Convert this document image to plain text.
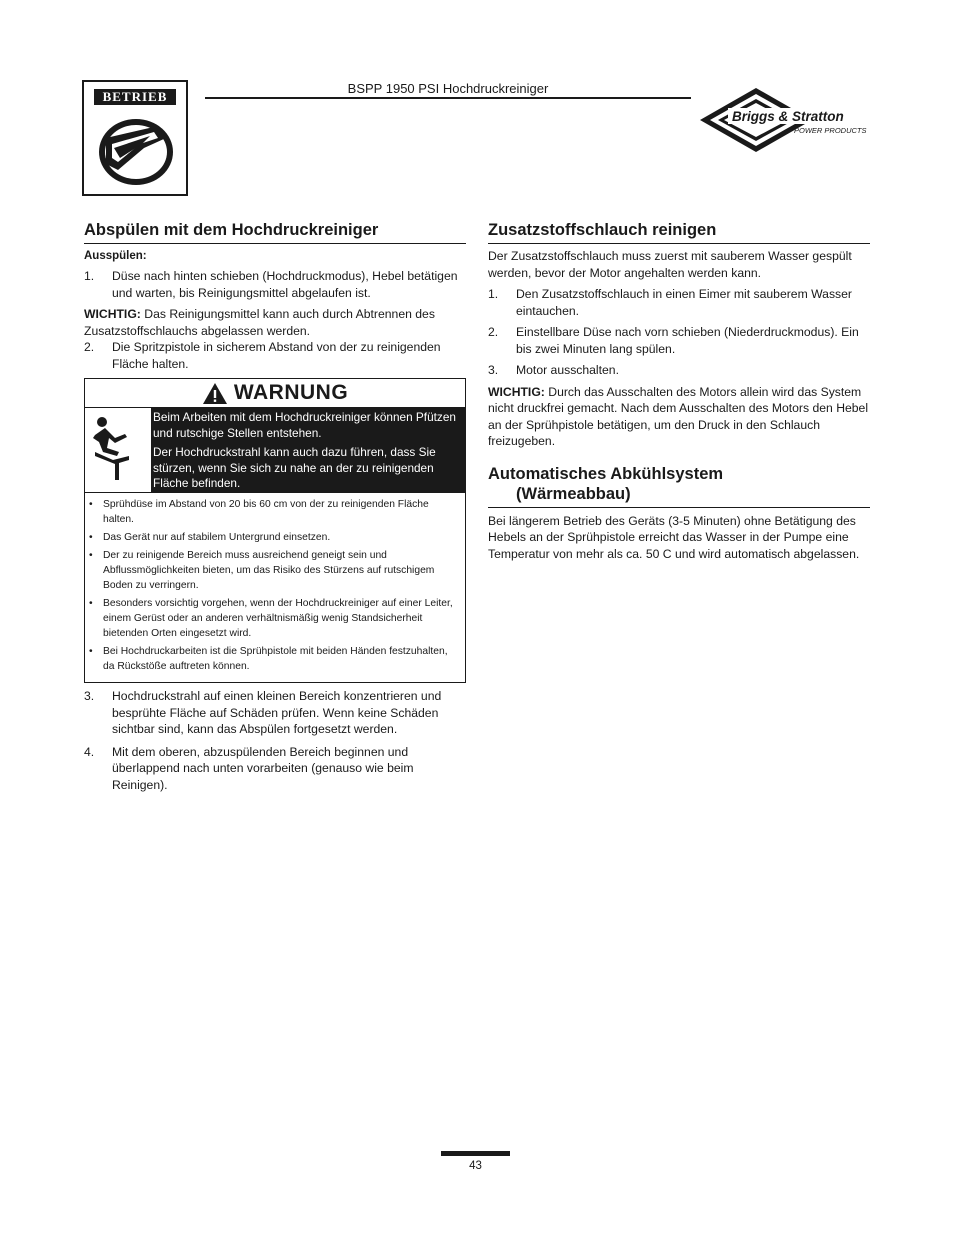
BETRIEB
BSPP 1950 PSI Hochdruckreiniger
Briggs & Stratton
POWER PRODUCTS
Abspülen mit dem Hochdruckreiniger
Ausspülen:
1.	Düse nach hinten schieben (Hochdruckmodus), Hebel betätigen und warten, bis Reinigungsmittel abgelaufen ist.

WICHTIG: Das Reinigungsmittel kann auch durch Abtrennen des Zusatzstoffschlauchs abgelassen werden.

2.	Die Spritzpistole in sicherem Abstand von der zu reinigenden Fläche halten.
WARNUNG

Beim Arbeiten mit dem Hochdruckreiniger können Pfützen und rutschige Stellen entstehen.

Der Hochdruckstrahl kann auch dazu führen, dass Sie stürzen, wenn Sie sich zu nahe an der zu reinigenden Fläche befinden.

•	Sprühdüse im Abstand von 20 bis 60 cm von der zu reinigenden Fläche halten.
•	Das Gerät nur auf stabilem Untergrund einsetzen.
•	Der zu reinigende Bereich muss ausreichend geneigt sein und Abflussmöglichkeiten bieten, um das Risiko des Stürzens auf rutschigem Boden zu verringern.
•	Besonders vorsichtig vorgehen, wenn der Hochdruckreiniger auf einer Leiter, einem Gerüst oder an anderen verhältnismäßig wenig Standsicherheit bietenden Orten eingesetzt wird.
•	Bei Hochdruckarbeiten ist die Sprühpistole mit beiden Händen festzuhalten, da Rückstöße auftreten können.
3.	Hochdruckstrahl auf einen kleinen Bereich konzentrieren und besprühte Fläche auf Schäden prüfen. Wenn keine Schäden sichtbar sind, kann das Abspülen fortgesetzt werden.
4.	Mit dem oberen, abzuspülenden Bereich beginnen und überlappend nach unten vorarbeiten (genauso wie beim Reinigen).
Zusatzstoffschlauch reinigen

Der Zusatzstoffschlauch muss zuerst mit sauberem Wasser gespült werden, bevor der Motor angehalten werden kann.

1.	Den Zusatzstoffschlauch in einen Eimer mit sauberem Wasser eintauchen.
2.	Einstellbare Düse nach vorn schieben (Niederdruckmodus). Ein bis zwei Minuten lang spülen.
3.	Motor ausschalten.

WICHTIG: Durch das Ausschalten des Motors allein wird das System nicht druckfrei gemacht. Nach dem Ausschalten des Motors den Hebel an der Sprühpistole betätigen, um den Druck in den Schlauch freizugeben.

Automatisches Abkühlsystem
(Wärmeabbau)

Bei längerem Betrieb des Geräts (3-5 Minuten) ohne Betätigung des Hebels an der Sprühpistole erreicht das Wasser in der Pumpe eine Temperatur von mehr als ca. 50 C und wird automatisch abgelassen.

43
